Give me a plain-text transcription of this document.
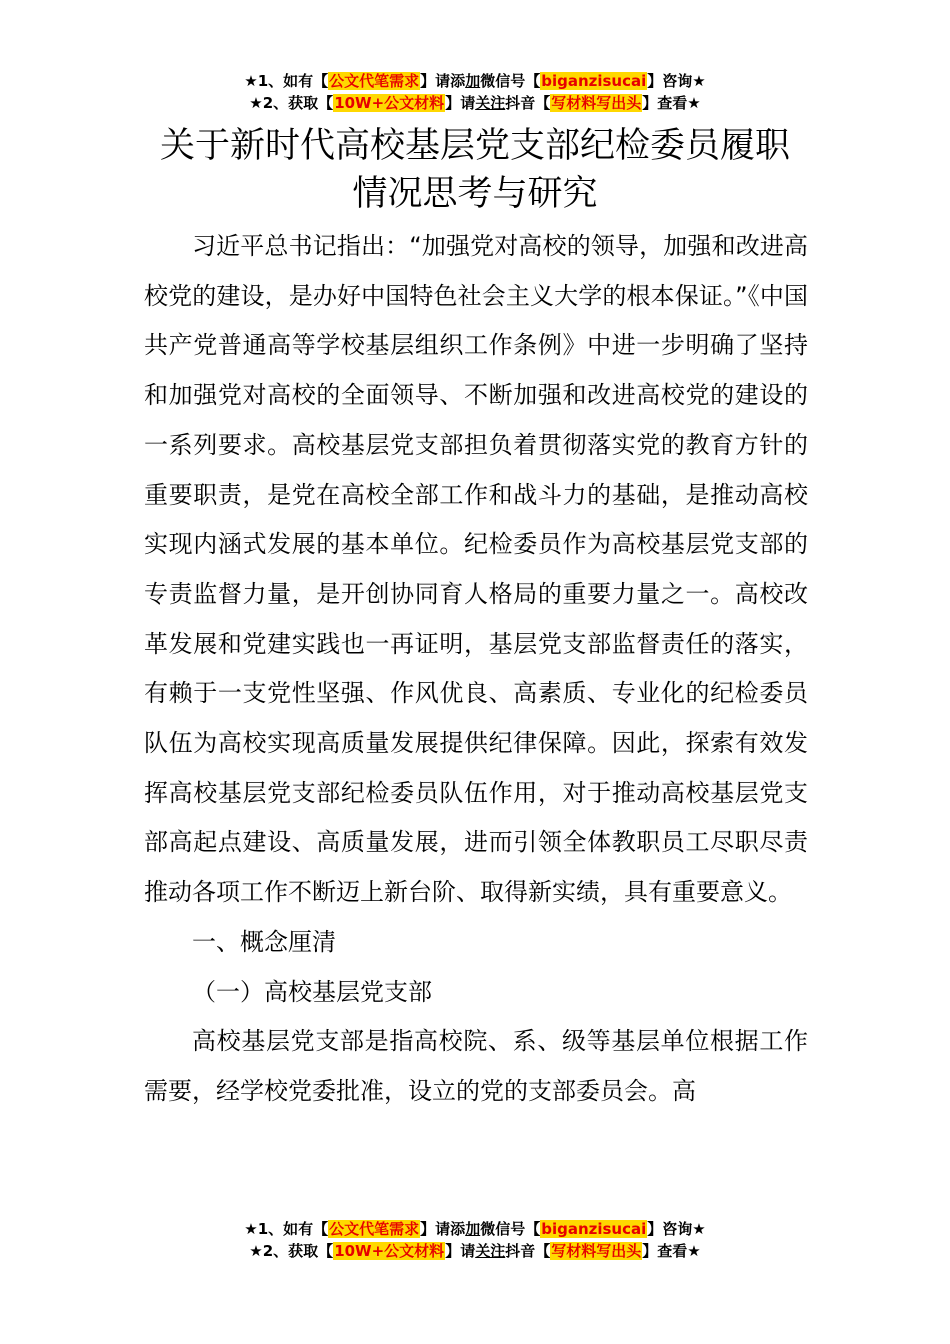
★1、如有【公文代笔需求】请添加微信号【biganzisucai】咨询★
★2、获取【10W+公文材料】请关注抖音【写材料写出头】查看★
关于新时代高校基层党支部纪检委员履职情况思考与研究

习近平总书记指出：“加强党对高校的领导，加强和改进高校党的建设，是办好中国特色社会主义大学的根本保证。”《中国共产党普通高等学校基层组织工作条例》中进一步明确了坚持和加强党对高校的全面领导、不断加强和改进高校党的建设的一系列要求。高校基层党支部担负着贯彻落实党的教育方针的重要职责，是党在高校全部工作和战斗力的基础，是推动高校实现内涵式发展的基本单位。纪检委员作为高校基层党支部的专责监督力量，是开创协同育人格局的重要力量之一。高校改革发展和党建实践也一再证明，基层党支部监督责任的落实，有赖于一支党性坚强、作风优良、高素质、专业化的纪检委员队伍为高校实现高质量发展提供纪律保障。因此，探索有效发挥高校基层党支部纪检委员队伍作用，对于推动高校基层党支部高起点建设、高质量发展，进而引领全体教职员工尽职尽责推动各项工作不断迈上新台阶、取得新实绩，具有重要意义。

一、概念厘清
（一）高校基层党支部

高校基层党支部是指高校院、系、级等基层单位根据工作需要，经学校党委批准，设立的党的支部委员会。高

★1、如有【公文代笔需求】请添加微信号【biganzisucai】咨询★
★2、获取【10W+公文材料】请关注抖音【写材料写出头】查看★
